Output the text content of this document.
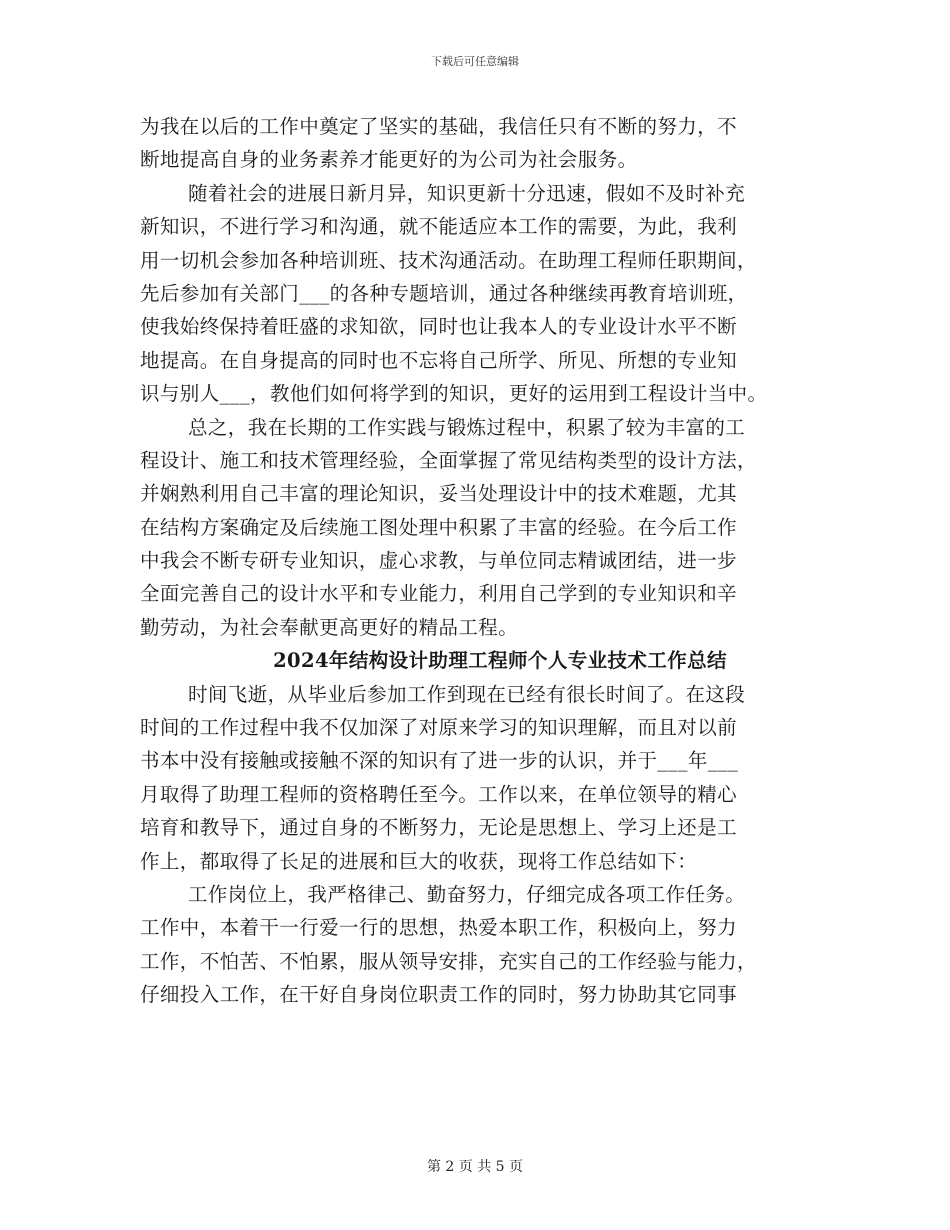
下载后可任意编辑
为我在以后的工作中奠定了坚实的基础，我信任只有不断的努力，不
断地提高自身的业务素养才能更好的为公司为社会服务。
随着社会的进展日新月异，知识更新十分迅速，假如不及时补充
新知识，不进行学习和沟通，就不能适应本工作的需要，为此，我利
用一切机会参加各种培训班、技术沟通活动。在助理工程师任职期间，
先后参加有关部门___的各种专题培训，通过各种继续再教育培训班，
使我始终保持着旺盛的求知欲，同时也让我本人的专业设计水平不断
地提高。在自身提高的同时也不忘将自己所学、所见、所想的专业知
识与别人___，教他们如何将学到的知识，更好的运用到工程设计当中。
总之，我在长期的工作实践与锻炼过程中，积累了较为丰富的工
程设计、施工和技术管理经验，全面掌握了常见结构类型的设计方法，
并娴熟利用自己丰富的理论知识，妥当处理设计中的技术难题，尤其
在结构方案确定及后续施工图处理中积累了丰富的经验。在今后工作
中我会不断专研专业知识，虚心求教，与单位同志精诚团结，进一步
全面完善自己的设计水平和专业能力，利用自己学到的专业知识和辛
勤劳动，为社会奉献更高更好的精品工程。
2024年结构设计助理工程师个人专业技术工作总结
时间飞逝，从毕业后参加工作到现在已经有很长时间了。在这段
时间的工作过程中我不仅加深了对原来学习的知识理解，而且对以前
书本中没有接触或接触不深的知识有了进一步的认识，并于___年___
月取得了助理工程师的资格聘任至今。工作以来，在单位领导的精心
培育和教导下，通过自身的不断努力，无论是思想上、学习上还是工
作上，都取得了长足的进展和巨大的收获，现将工作总结如下：
工作岗位上，我严格律己、勤奋努力，仔细完成各项工作任务。
工作中，本着干一行爱一行的思想，热爱本职工作，积极向上，努力
工作，不怕苦、不怕累，服从领导安排，充实自己的工作经验与能力，
仔细投入工作，在干好自身岗位职责工作的同时，努力协助其它同事
第 2 页 共 5 页
